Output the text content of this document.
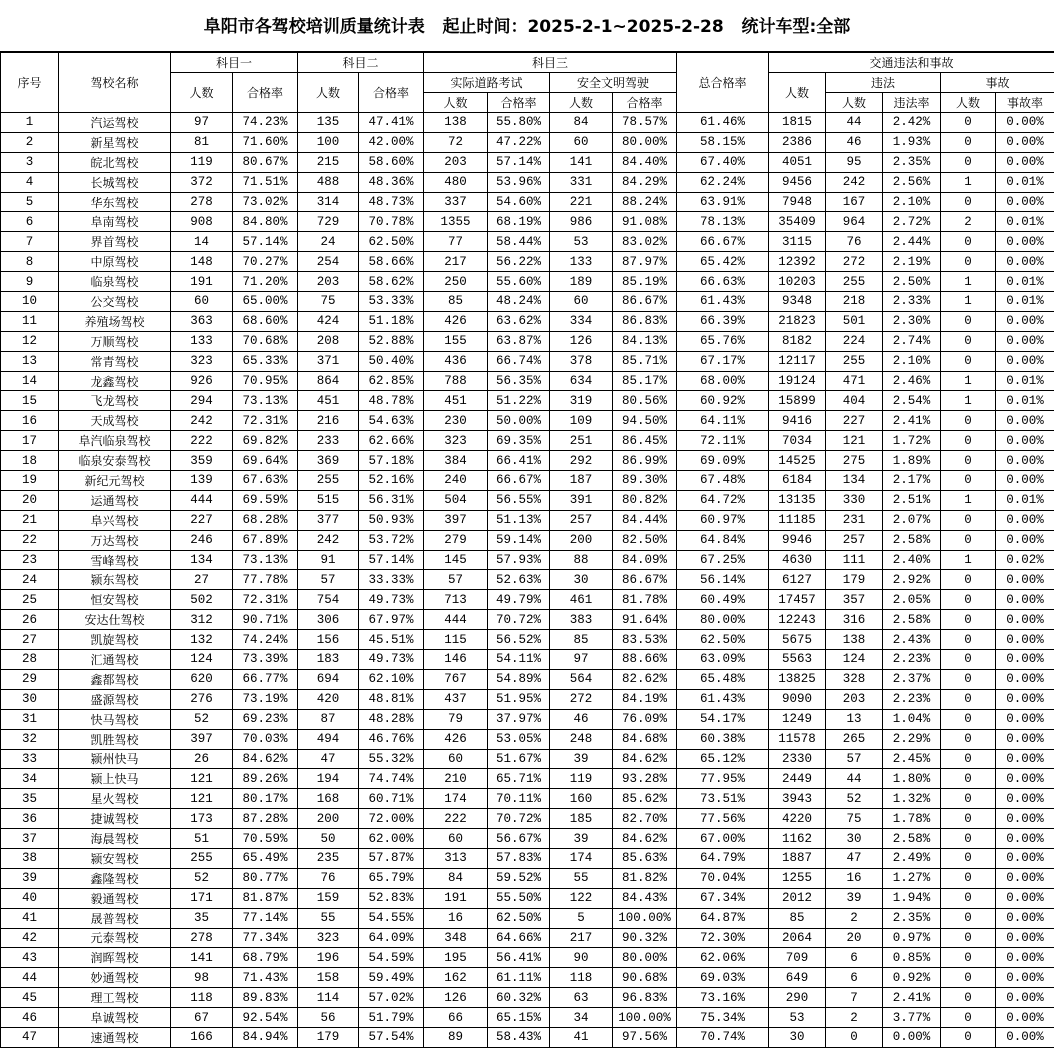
阜阳市各驾校培训质量统计表   起止时间：2025-2-1~2025-2-28   统计车型:全部
序号	驾校名称	科目一		科目二		科目三				总合格率	交通违法和事故				
		人数	合格率	人数	合格率	实际道路考试		安全文明驾驶			人数	违法		事故	
						人数	合格率	人数	合格率			人数	违法率	人数	事故率
1	汽运驾校	97	74.23%	135	47.41%	138	55.80%	84	78.57%	61.46%	1815	44	2.42%	0	0.00%
2	新星驾校	81	71.60%	100	42.00%	72	47.22%	60	80.00%	58.15%	2386	46	1.93%	0	0.00%
3	皖北驾校	119	80.67%	215	58.60%	203	57.14%	141	84.40%	67.40%	4051	95	2.35%	0	0.00%
4	长城驾校	372	71.51%	488	48.36%	480	53.96%	331	84.29%	62.24%	9456	242	2.56%	1	0.01%
5	华东驾校	278	73.02%	314	48.73%	337	54.60%	221	88.24%	63.91%	7948	167	2.10%	0	0.00%
6	阜南驾校	908	84.80%	729	70.78%	1355	68.19%	986	91.08%	78.13%	35409	964	2.72%	2	0.01%
7	界首驾校	14	57.14%	24	62.50%	77	58.44%	53	83.02%	66.67%	3115	76	2.44%	0	0.00%
8	中原驾校	148	70.27%	254	58.66%	217	56.22%	133	87.97%	65.42%	12392	272	2.19%	0	0.00%
9	临泉驾校	191	71.20%	203	58.62%	250	55.60%	189	85.19%	66.63%	10203	255	2.50%	1	0.01%
10	公交驾校	60	65.00%	75	53.33%	85	48.24%	60	86.67%	61.43%	9348	218	2.33%	1	0.01%
11	养殖场驾校	363	68.60%	424	51.18%	426	63.62%	334	86.83%	66.39%	21823	501	2.30%	0	0.00%
12	万顺驾校	133	70.68%	208	52.88%	155	63.87%	126	84.13%	65.76%	8182	224	2.74%	0	0.00%
13	常青驾校	323	65.33%	371	50.40%	436	66.74%	378	85.71%	67.17%	12117	255	2.10%	0	0.00%
14	龙鑫驾校	926	70.95%	864	62.85%	788	56.35%	634	85.17%	68.00%	19124	471	2.46%	1	0.01%
15	飞龙驾校	294	73.13%	451	48.78%	451	51.22%	319	80.56%	60.92%	15899	404	2.54%	1	0.01%
16	天成驾校	242	72.31%	216	54.63%	230	50.00%	109	94.50%	64.11%	9416	227	2.41%	0	0.00%
17	阜汽临泉驾校	222	69.82%	233	62.66%	323	69.35%	251	86.45%	72.11%	7034	121	1.72%	0	0.00%
18	临泉安泰驾校	359	69.64%	369	57.18%	384	66.41%	292	86.99%	69.09%	14525	275	1.89%	0	0.00%
19	新纪元驾校	139	67.63%	255	52.16%	240	66.67%	187	89.30%	67.48%	6184	134	2.17%	0	0.00%
20	运通驾校	444	69.59%	515	56.31%	504	56.55%	391	80.82%	64.72%	13135	330	2.51%	1	0.01%
21	阜兴驾校	227	68.28%	377	50.93%	397	51.13%	257	84.44%	60.97%	11185	231	2.07%	0	0.00%
22	万达驾校	246	67.89%	242	53.72%	279	59.14%	200	82.50%	64.84%	9946	257	2.58%	0	0.00%
23	雪峰驾校	134	73.13%	91	57.14%	145	57.93%	88	84.09%	67.25%	4630	111	2.40%	1	0.02%
24	颍东驾校	27	77.78%	57	33.33%	57	52.63%	30	86.67%	56.14%	6127	179	2.92%	0	0.00%
25	恒安驾校	502	72.31%	754	49.73%	713	49.79%	461	81.78%	60.49%	17457	357	2.05%	0	0.00%
26	安达仕驾校	312	90.71%	306	67.97%	444	70.72%	383	91.64%	80.00%	12243	316	2.58%	0	0.00%
27	凯旋驾校	132	74.24%	156	45.51%	115	56.52%	85	83.53%	62.50%	5675	138	2.43%	0	0.00%
28	汇通驾校	124	73.39%	183	49.73%	146	54.11%	97	88.66%	63.09%	5563	124	2.23%	0	0.00%
29	鑫都驾校	620	66.77%	694	62.10%	767	54.89%	564	82.62%	65.48%	13825	328	2.37%	0	0.00%
30	盛源驾校	276	73.19%	420	48.81%	437	51.95%	272	84.19%	61.43%	9090	203	2.23%	0	0.00%
31	快马驾校	52	69.23%	87	48.28%	79	37.97%	46	76.09%	54.17%	1249	13	1.04%	0	0.00%
32	凯胜驾校	397	70.03%	494	46.76%	426	53.05%	248	84.68%	60.38%	11578	265	2.29%	0	0.00%
33	颍州快马	26	84.62%	47	55.32%	60	51.67%	39	84.62%	65.12%	2330	57	2.45%	0	0.00%
34	颍上快马	121	89.26%	194	74.74%	210	65.71%	119	93.28%	77.95%	2449	44	1.80%	0	0.00%
35	星火驾校	121	80.17%	168	60.71%	174	70.11%	160	85.62%	73.51%	3943	52	1.32%	0	0.00%
36	捷诚驾校	173	87.28%	200	72.00%	222	70.72%	185	82.70%	77.56%	4220	75	1.78%	0	0.00%
37	海晨驾校	51	70.59%	50	62.00%	60	56.67%	39	84.62%	67.00%	1162	30	2.58%	0	0.00%
38	颍安驾校	255	65.49%	235	57.87%	313	57.83%	174	85.63%	64.79%	1887	47	2.49%	0	0.00%
39	鑫隆驾校	52	80.77%	76	65.79%	84	59.52%	55	81.82%	70.04%	1255	16	1.27%	0	0.00%
40	毅通驾校	171	81.87%	159	52.83%	191	55.50%	122	84.43%	67.34%	2012	39	1.94%	0	0.00%
41	晟普驾校	35	77.14%	55	54.55%	16	62.50%	5	100.00%	64.87%	85	2	2.35%	0	0.00%
42	元泰驾校	278	77.34%	323	64.09%	348	64.66%	217	90.32%	72.30%	2064	20	0.97%	0	0.00%
43	润晖驾校	141	68.79%	196	54.59%	195	56.41%	90	80.00%	62.06%	709	6	0.85%	0	0.00%
44	妙通驾校	98	71.43%	158	59.49%	162	61.11%	118	90.68%	69.03%	649	6	0.92%	0	0.00%
45	理工驾校	118	89.83%	114	57.02%	126	60.32%	63	96.83%	73.16%	290	7	2.41%	0	0.00%
46	阜诚驾校	67	92.54%	56	51.79%	66	65.15%	34	100.00%	75.34%	53	2	3.77%	0	0.00%
47	速通驾校	166	84.94%	179	57.54%	89	58.43%	41	97.56%	70.74%	30	0	0.00%	0	0.00%
